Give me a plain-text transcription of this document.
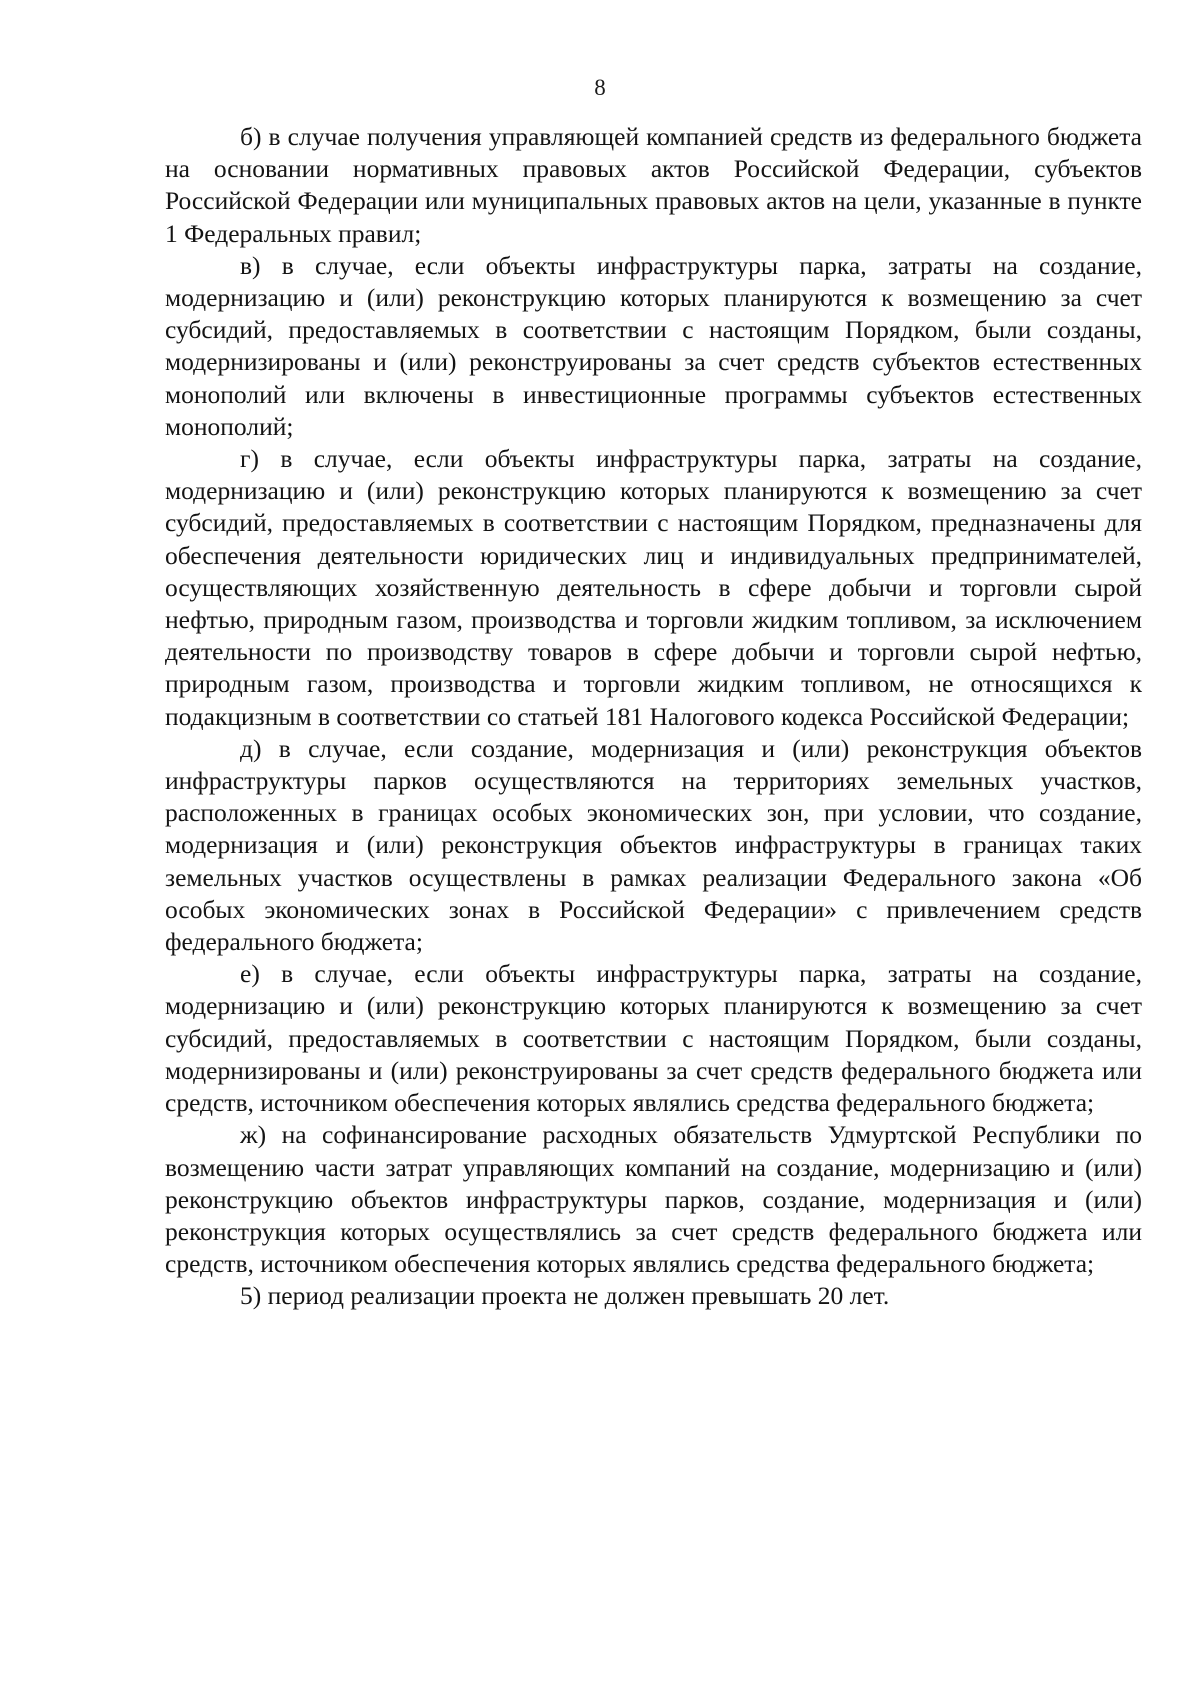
8

б) в случае получения управляющей компанией средств из федерального бюджета на основании нормативных правовых актов Российской Федерации, субъектов Российской Федерации или муниципальных правовых актов на цели, указанные в пункте 1 Федеральных правил;

в) в случае, если объекты инфраструктуры парка, затраты на создание, модернизацию и (или) реконструкцию которых планируются к возмещению за счет субсидий, предоставляемых в соответствии с настоящим Порядком, были созданы, модернизированы и (или) реконструированы за счет средств субъектов естественных монополий или включены в инвестиционные программы субъектов естественных монополий;

г) в случае, если объекты инфраструктуры парка, затраты на создание, модернизацию и (или) реконструкцию которых планируются к возмещению за счет субсидий, предоставляемых в соответствии с настоящим Порядком, предназначены для обеспечения деятельности юридических лиц и индивидуальных предпринимателей, осуществляющих хозяйственную деятельность в сфере добычи и торговли сырой нефтью, природным газом, производства и торговли жидким топливом, за исключением деятельности по производству товаров в сфере добычи и торговли сырой нефтью, природным газом, производства и торговли жидким топливом, не относящихся к подакцизным в соответствии со статьей 181 Налогового кодекса Российской Федерации;

д) в случае, если создание, модернизация и (или) реконструкция объектов инфраструктуры парков осуществляются на территориях земельных участков, расположенных в границах особых экономических зон, при условии, что создание, модернизация и (или) реконструкция объектов инфраструктуры в границах таких земельных участков осуществлены в рамках реализации Федерального закона «Об особых экономических зонах в Российской Федерации» с привлечением средств федерального бюджета;

е) в случае, если объекты инфраструктуры парка, затраты на создание, модернизацию и (или) реконструкцию которых планируются к возмещению за счет субсидий, предоставляемых в соответствии с настоящим Порядком, были созданы, модернизированы и (или) реконструированы за счет средств федерального бюджета или средств, источником обеспечения которых являлись средства федерального бюджета;

ж) на софинансирование расходных обязательств Удмуртской Республики по возмещению части затрат управляющих компаний на создание, модернизацию и (или) реконструкцию объектов инфраструктуры парков, создание, модернизация и (или) реконструкция которых осуществлялись за счет средств федерального бюджета или средств, источником обеспечения которых являлись средства федерального бюджета;

5) период реализации проекта не должен превышать 20 лет.
